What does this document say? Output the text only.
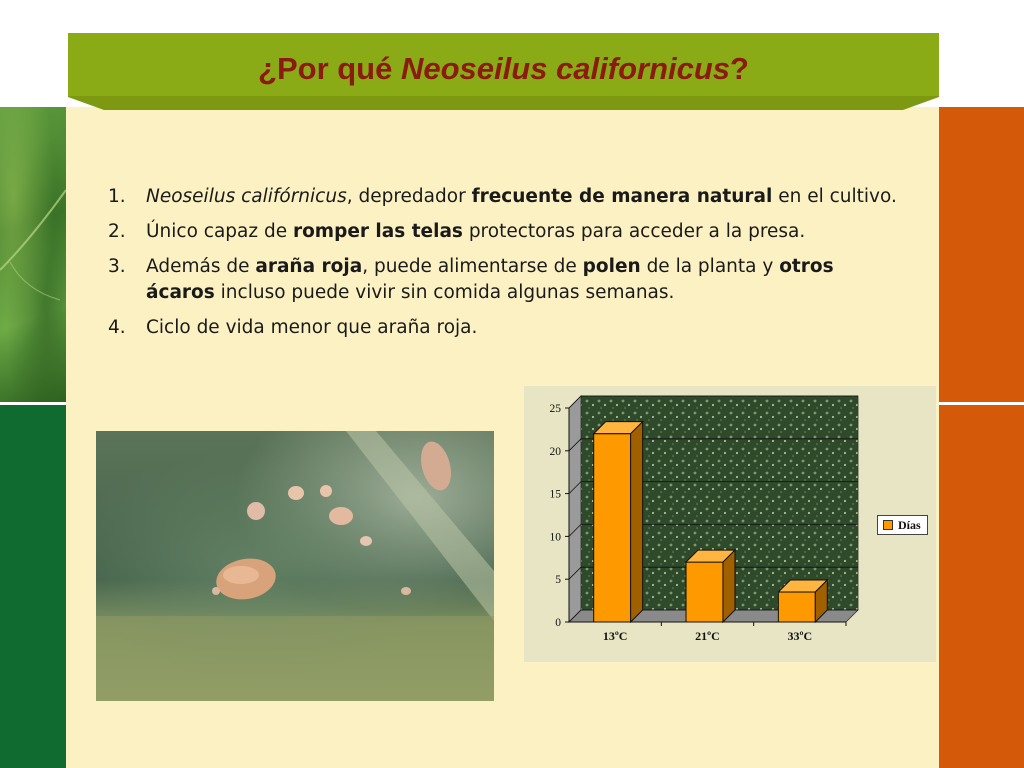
¿Por qué
Neoseilus californicus ?
1. Neoseilus califórnicus, depredador frecuente de manera natural en el cultivo.
2. Único capaz de romper las telas protectoras para acceder a la presa.
3. Además de araña roja, puede alimentarse de polen de la planta y otros ácaros incluso puede vivir sin comida algunas semanas.
4. Ciclo de vida menor que araña roja.
0
5
10
15
20
25
13ºC	21ºC	33ºC
Días
